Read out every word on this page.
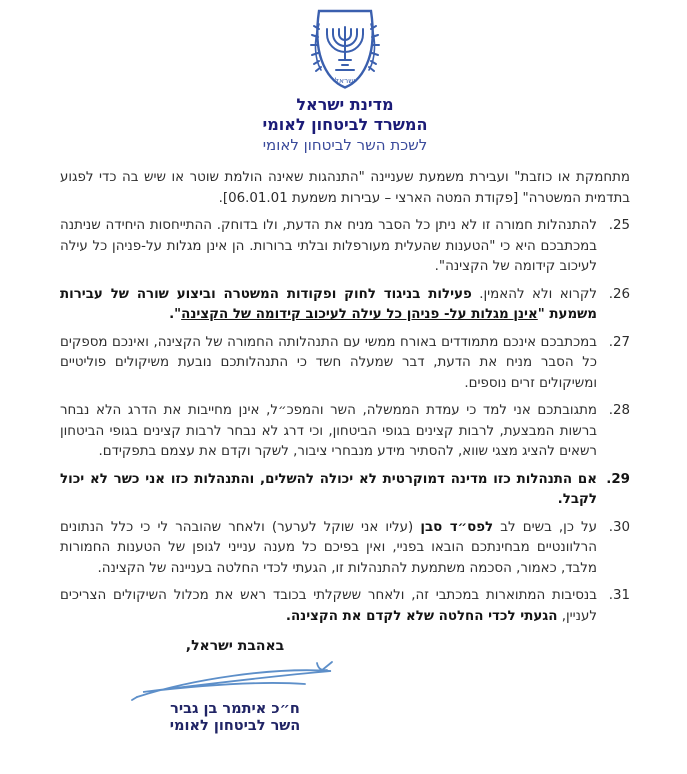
ישראל
מדינת ישראל
המשרד לביטחון לאומי
לשכת השר לביטחון לאומי

מתחמקת או כוזבת" ועבירת משמעת שעניינה "התנהגות שאינה הולמת שוטר או שיש בה כדי לפגוע בתדמית המשטרה" [פקודת המטה הארצי – עבירות משמעת 06.01.01].

25.
להתנהלות חמורה זו לא ניתן כל הסבר מניח את הדעת, ולו בדוחק. ההתייחסות היחידה שניתנה במכתבכם היא כי "הטענות שהעלית מעורפלות ובלתי ברורות. הן אינן מגלות על-פניהן כל עילה לעיכוב קידומה של הקצינה".
26.
לקרוא ולא להאמין. פעילות בניגוד לחוק ופקודות המשטרה וביצוע שורה של עבירות משמעת "אינן מגלות על- פניהן כל עילה לעיכוב קידומה של הקצינה".
27.
במכתבכם אינכם מתמודדים באורח ממשי עם התנהלותה החמורה של הקצינה, ואינכם מספקים כל הסבר מניח את הדעת, דבר שמעלה חשד כי התנהלותכם נובעת משיקולים פוליטיים ומשיקולים זרים נוספים.
28.
מתגובתכם אני למד כי עמדת הממשלה, השר והמפכ״ל, אינן מחייבות את הדרג הלא נבחר ברשות המבצעת, לרבות קצינים בגופי הביטחון, וכי דרג לא נבחר לרבות קצינים בגופי הביטחון רשאים להציג מצגי שווא, להסתיר מידע מנבחרי ציבור, לשקר וקדם את עצמם בתפקידם.
29.
אם התנהלות כזו מדינה דמוקרטית לא יכולה להשלים, והתנהלות כזו אני כשר לא יכול לקבל.
30.
על כן, בשים לב לפס״ד סבן (עליו אני שוקל לערער) ולאחר שהובהר לי כי כלל הנתונים הרלוונטיים מבחינתכם הובאו בפניי, ואין בפיכם כל מענה ענייני לגופן של הטענות החמורות מלבד, כאמור, הסכמה משתמעת להתנהלות זו, הגעתי לכדי החלטה בעניינה של הקצינה.
31.
בנסיבות המתוארות במכתבי זה, ולאחר ששקלתי בכובד ראש את מכלול השיקולים הצריכים לעניין, הגעתי לכדי החלטה שלא לקדם את הקצינה.
באהבת ישראל,
ח״כ איתמר בן גביר
השר לביטחון לאומי
